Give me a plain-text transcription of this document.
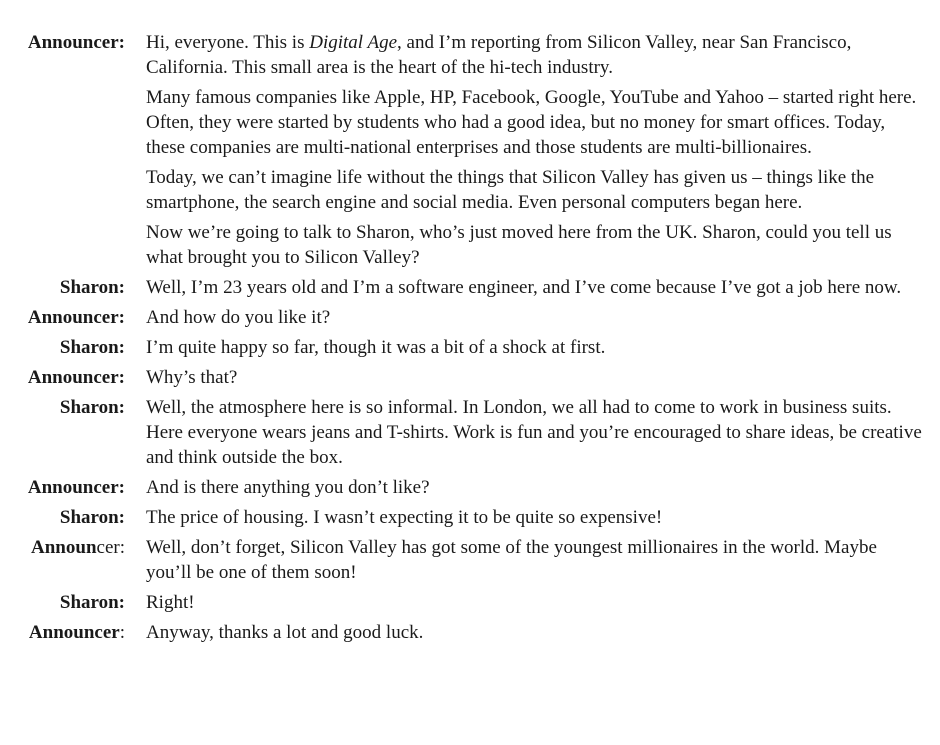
Announcer: Hi, everyone. This is Digital Age, and I’m reporting from Silicon Valley, near San Francisco, California. This small area is the heart of the hi-tech industry.

Many famous companies like Apple, HP, Facebook, Google, YouTube and Yahoo – started right here. Often, they were started by students who had a good idea, but no money for smart offices. Today, these companies are multi-national enterprises and those students are multi-billionaires.

Today, we can’t imagine life without the things that Silicon Valley has given us – things like the smartphone, the search engine and social media. Even personal computers began here.

Now we’re going to talk to Sharon, who’s just moved here from the UK. Sharon, could you tell us what brought you to Silicon Valley?

Sharon: Well, I’m 23 years old and I’m a software engineer, and I’ve come because I’ve got a job here now.

Announcer: And how do you like it?

Sharon: I’m quite happy so far, though it was a bit of a shock at first.

Announcer: Why’s that?

Sharon: Well, the atmosphere here is so informal. In London, we all had to come to work in business suits. Here everyone wears jeans and T-shirts. Work is fun and you’re encouraged to share ideas, be creative and think outside the box.

Announcer: And is there anything you don’t like?

Sharon: The price of housing. I wasn’t expecting it to be quite so expensive!

Announcer: Well, don’t forget, Silicon Valley has got some of the youngest millionaires in the world. Maybe you’ll be one of them soon!

Sharon: Right!

Announcer: Anyway, thanks a lot and good luck.
